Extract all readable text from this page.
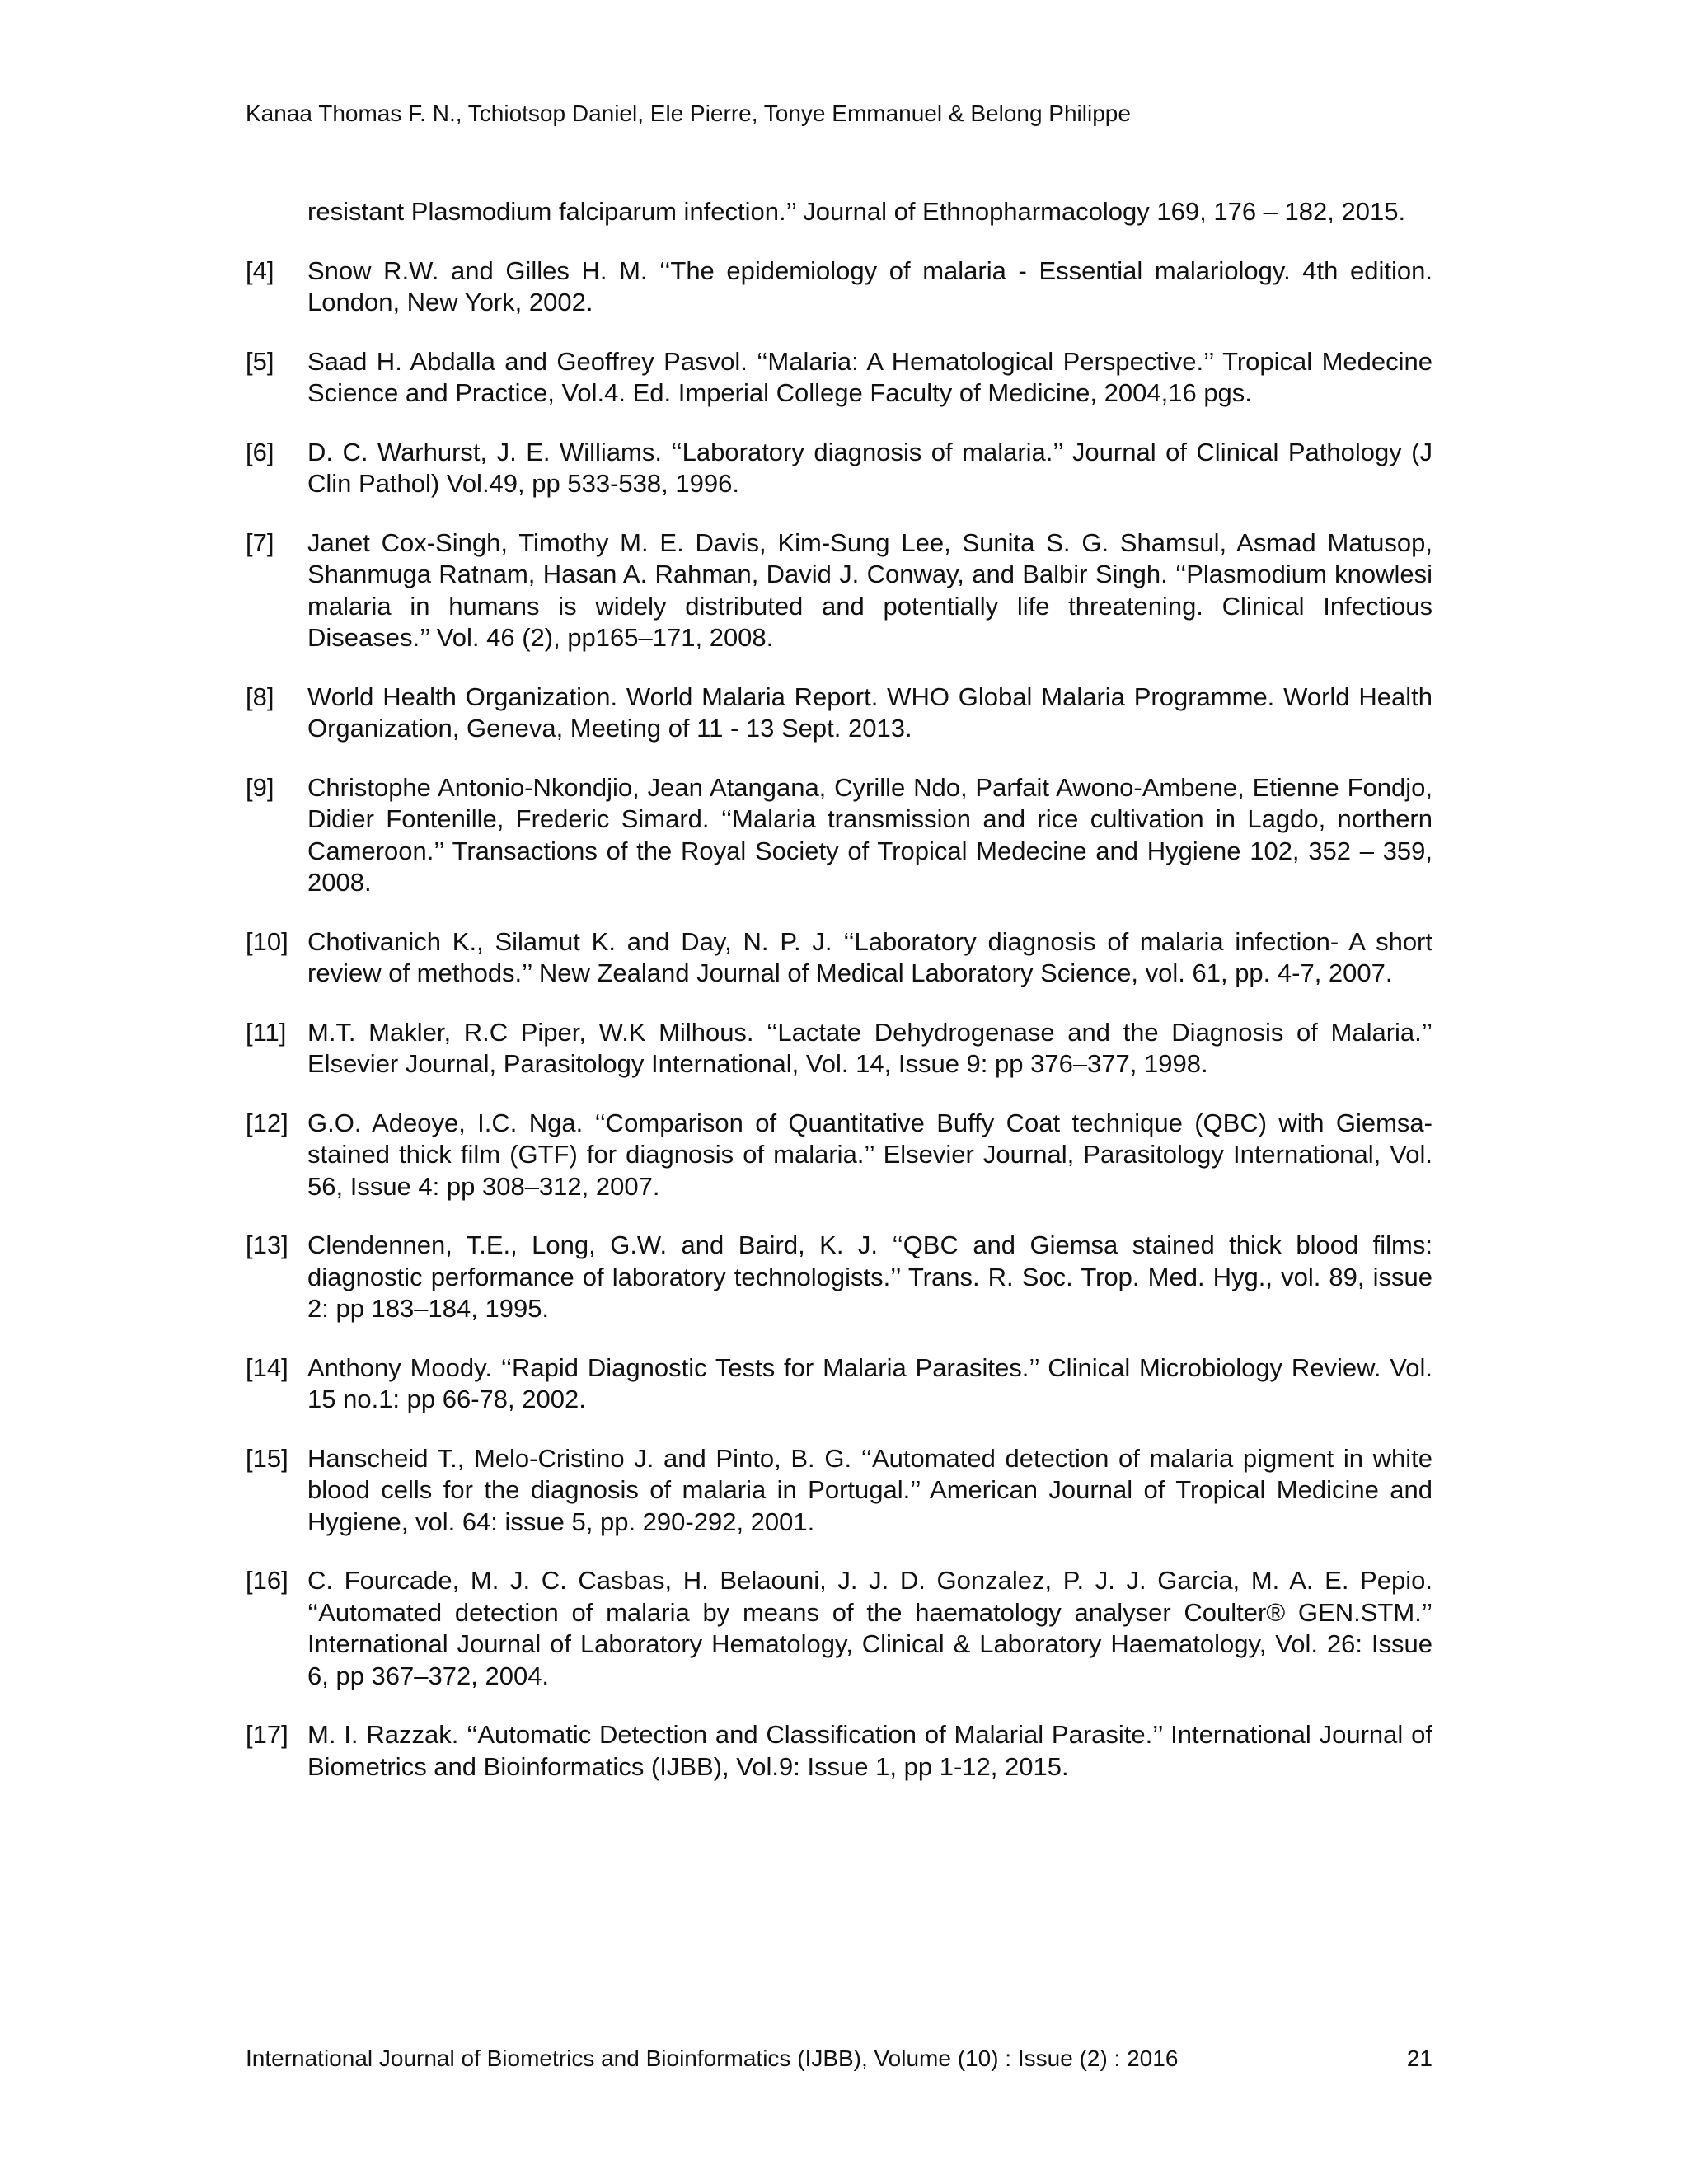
Kanaa Thomas F. N., Tchiotsop Daniel, Ele Pierre, Tonye Emmanuel & Belong Philippe
resistant Plasmodium falciparum infection.’’ Journal of Ethnopharmacology 169, 176 – 182, 2015.
[4]	Snow R.W. and Gilles H. M. ‘‘The epidemiology of malaria - Essential malariology. 4th edition. London, New York, 2002.
[5]	Saad H. Abdalla and Geoffrey Pasvol. ‘‘Malaria: A Hematological Perspective.’’ Tropical Medecine Science and Practice, Vol.4. Ed. Imperial College Faculty of Medicine, 2004,16 pgs.
[6]	D. C. Warhurst, J. E. Williams. ‘‘Laboratory diagnosis of malaria.’’ Journal of Clinical Pathology (J Clin Pathol) Vol.49, pp 533-538, 1996.
[7]	Janet Cox-Singh, Timothy M. E. Davis, Kim-Sung Lee, Sunita S. G. Shamsul, Asmad Matusop, Shanmuga Ratnam, Hasan A. Rahman, David J. Conway, and Balbir Singh. ‘‘Plasmodium knowlesi malaria in humans is widely distributed and potentially life threatening. Clinical Infectious Diseases.’’ Vol. 46 (2), pp165–171, 2008.
[8]	World Health Organization. World Malaria Report. WHO Global Malaria Programme. World Health Organization, Geneva, Meeting of 11 - 13 Sept. 2013.
[9]	Christophe Antonio-Nkondjio, Jean Atangana, Cyrille Ndo, Parfait Awono-Ambene, Etienne Fondjo, Didier Fontenille, Frederic Simard. ‘‘Malaria transmission and rice cultivation in Lagdo, northern Cameroon.’’ Transactions of the Royal Society of Tropical Medecine and Hygiene 102, 352 – 359, 2008.
[10] Chotivanich K., Silamut K. and Day, N. P. J. ‘‘Laboratory diagnosis of malaria infection- A short review of methods.’’ New Zealand Journal of Medical Laboratory Science, vol. 61, pp. 4-7, 2007.
[11] M.T. Makler, R.C Piper, W.K Milhous. ‘‘Lactate Dehydrogenase and the Diagnosis of Malaria.’’ Elsevier Journal, Parasitology International, Vol. 14, Issue 9: pp 376–377, 1998.
[12] G.O. Adeoye, I.C. Nga. ‘‘Comparison of Quantitative Buffy Coat technique (QBC) with Giemsa-stained thick film (GTF) for diagnosis of malaria.’’ Elsevier Journal, Parasitology International, Vol. 56, Issue 4: pp 308–312, 2007.
[13] Clendennen, T.E., Long, G.W. and Baird, K. J. ‘‘QBC and Giemsa stained thick blood films: diagnostic performance of laboratory technologists.’’ Trans. R. Soc. Trop. Med. Hyg., vol. 89, issue 2: pp 183–184, 1995.
[14] Anthony Moody. ‘‘Rapid Diagnostic Tests for Malaria Parasites.’’ Clinical Microbiology Review. Vol. 15 no.1: pp 66-78, 2002.
[15] Hanscheid T., Melo-Cristino J. and Pinto, B. G. ‘‘Automated detection of malaria pigment in white blood cells for the diagnosis of malaria in Portugal.’’ American Journal of Tropical Medicine and Hygiene, vol. 64: issue 5, pp. 290-292, 2001.
[16] C. Fourcade, M. J. C. Casbas, H. Belaouni, J. J. D. Gonzalez, P. J. J. Garcia, M. A. E. Pepio. ‘‘Automated detection of malaria by means of the haematology analyser Coulter® GEN.STM.’’ International Journal of Laboratory Hematology, Clinical & Laboratory Haematology, Vol. 26: Issue 6, pp 367–372, 2004.
[17] M. I. Razzak. ‘‘Automatic Detection and Classification of Malarial Parasite.’’ International Journal of Biometrics and Bioinformatics (IJBB), Vol.9: Issue 1, pp 1-12, 2015.
International Journal of Biometrics and Bioinformatics (IJBB), Volume (10) : Issue (2) : 2016	21
